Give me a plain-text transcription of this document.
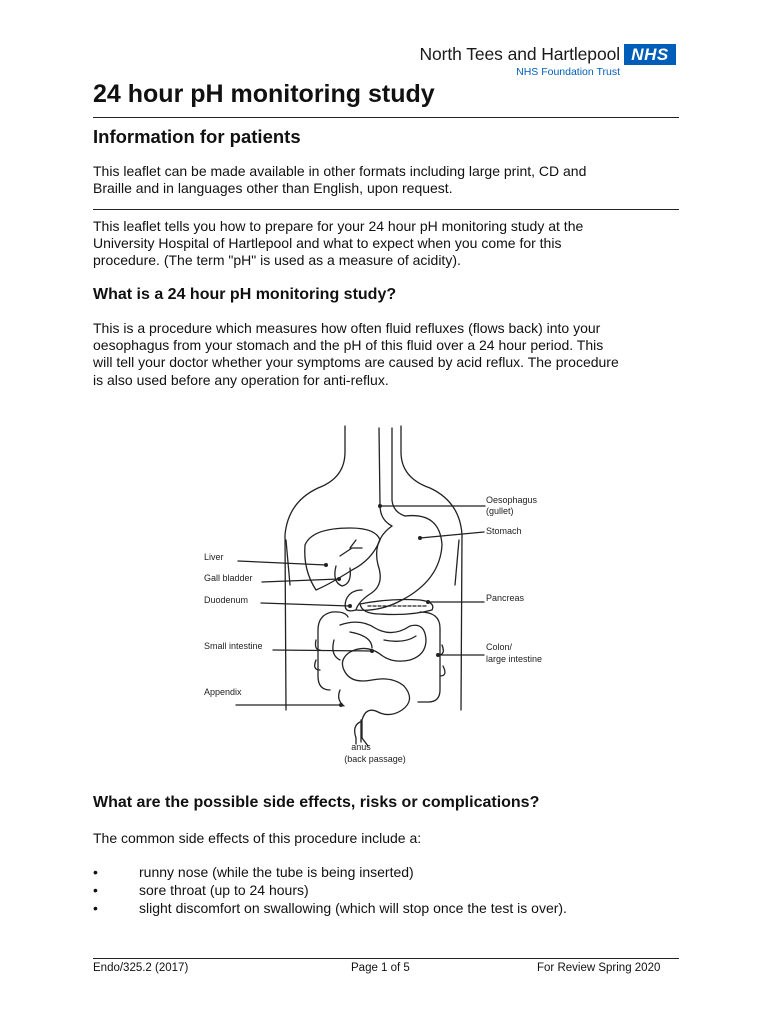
North Tees and Hartlepool
NHS Foundation Trust
NHS
24 hour pH monitoring study
Information for patients

This leaflet can be made available in other formats including large print, CD and
Braille and in languages other than English, upon request.

This leaflet tells you how to prepare for your 24 hour pH monitoring study at the
University Hospital of Hartlepool and what to expect when you come for this
procedure. (The term "pH" is used as a measure of acidity).

What is a 24 hour pH monitoring study?

This is a procedure which measures how often fluid refluxes (flows back) into your
oesophagus from your stomach and the pH of this fluid over a 24 hour period. This
will tell your doctor whether your symptoms are caused by acid reflux. The procedure
is also used before any operation for anti-reflux.

Oesophagus
(gullet)
Stomach
Liver
Gall bladder
Duodenum	Pancreas
Small intestine	Colon/
large intestine
Appendix
anus
(back passage)
What are the possible side effects, risks or complications?

The common side effects of this procedure include a:

•	runny nose (while the tube is being inserted)
•	sore throat (up to 24 hours)
•	slight discomfort on swallowing (which will stop once the test is over).
Endo/325.2 (2017)	Page 1 of 5	For Review Spring 2020
